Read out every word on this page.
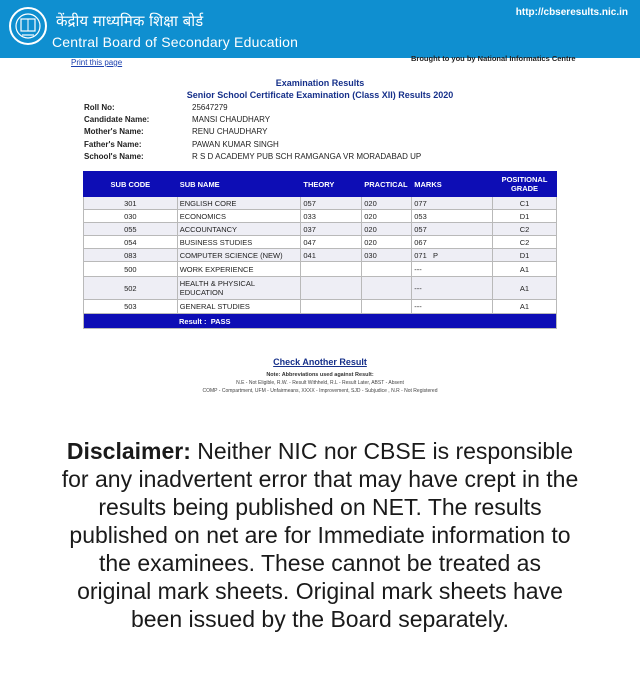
केंद्रीय माध्यमिक शिक्षा बोर्ड
Central Board of Secondary Education
http://cbseresults.nic.in
Print this page	Brought to you by National Informatics Centre
Examination Results
Senior School Certificate Examination (Class XII) Results 2020
Roll No:	25647279
Candidate Name:	MANSI CHAUDHARY
Mother's Name:	RENU CHAUDHARY
Father's Name:	PAWAN KUMAR SINGH
School's Name:	R S D ACADEMY PUB SCH RAMGANGA VR MORADABAD UP
SUB CODE	SUB NAME	THEORY	PRACTICAL	MARKS	POSITIONAL GRADE
301	ENGLISH CORE	057	020	077	C1
030	ECONOMICS	033	020	053	D1
055	ACCOUNTANCY	037	020	057	C2
054	BUSINESS STUDIES	047	020	067	C2
083	COMPUTER SCIENCE (NEW)	041	030	071   P	D1
500	WORK EXPERIENCE			---	A1
502	HEALTH & PHYSICAL EDUCATION			---	A1
503	GENERAL STUDIES			---	A1
Result : PASS					
Check Another Result
Note: Abbreviations used against Result:
N.E - Not Eligible, R.W. - Result Withheld, R.L - Result Later, ABST - Absent
COMP - Compartment, UFM - Unfairmeans, XXXX - Improvement, SJD - Subjudice , N.R - Not Registered
Disclaimer: Neither NIC nor CBSE is responsible for any inadvertent error that may have crept in the results being published on NET. The results published on net are for Immediate information to the examinees. These cannot be treated as original mark sheets. Original mark sheets have been issued by the Board separately.
